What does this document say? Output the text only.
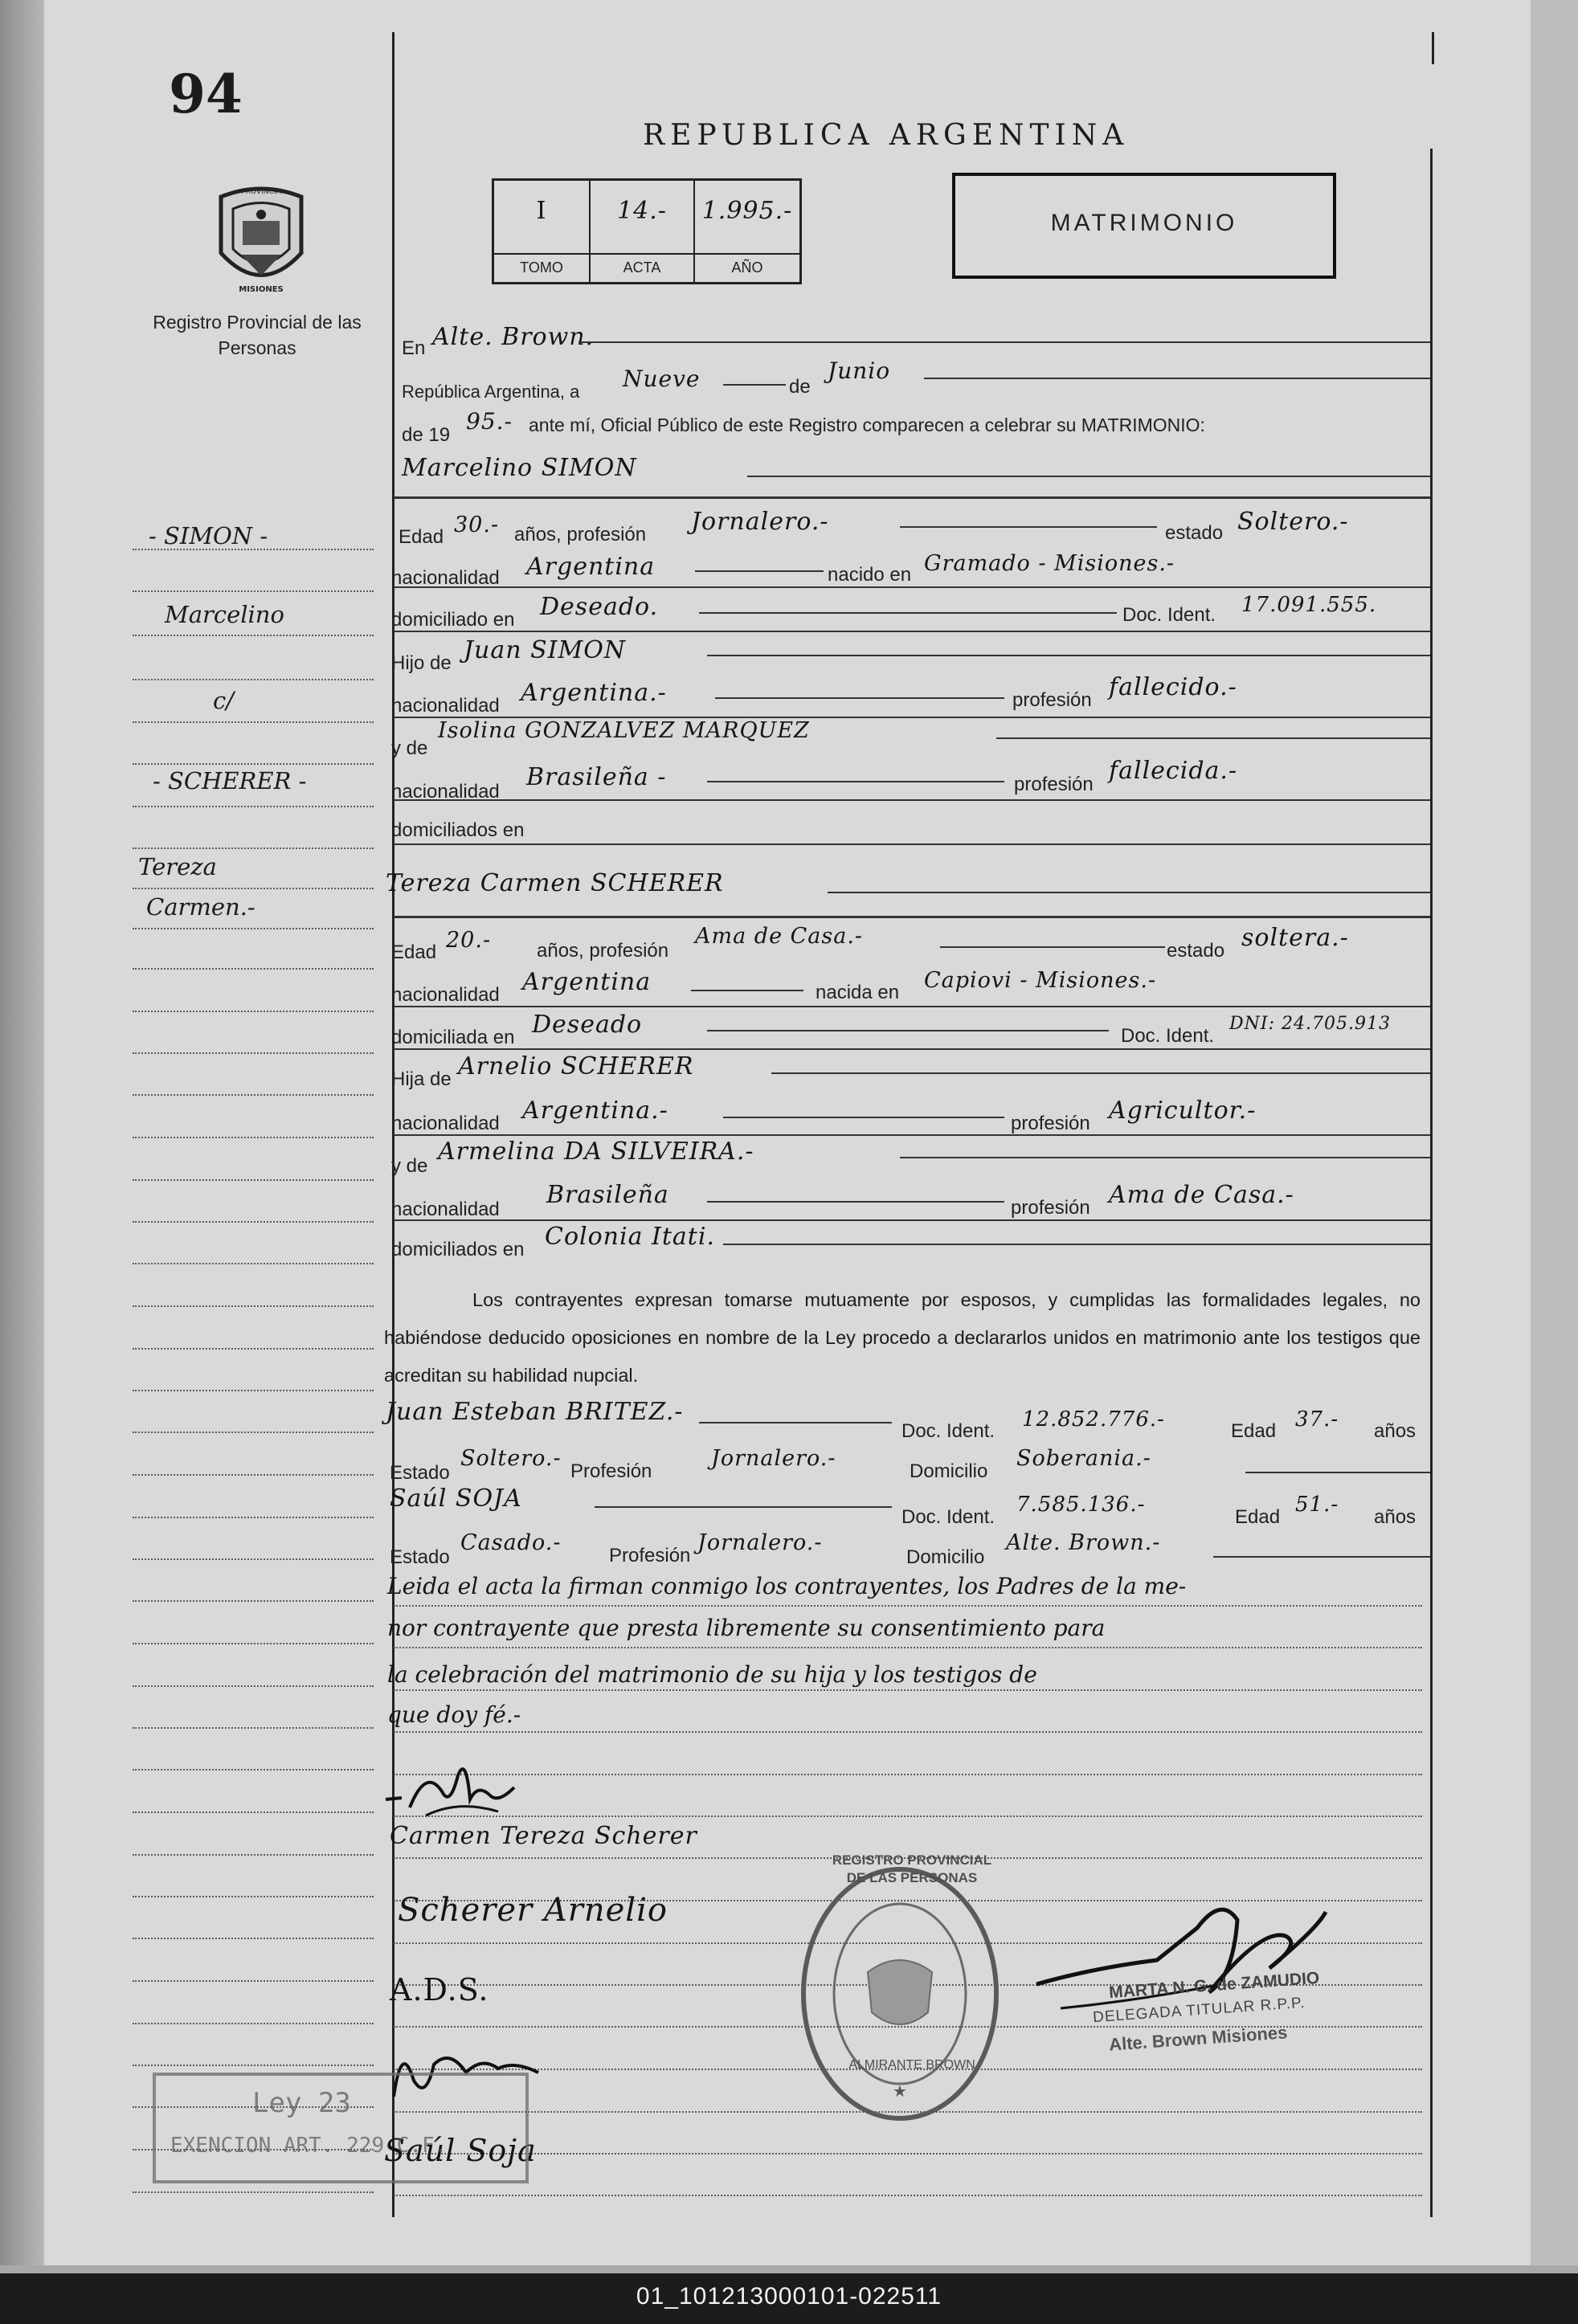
94
REPUBLICA ARGENTINA
PROVINCIA
MISIONES
Registro Provincial de las Personas
I
TOMO
14.-
ACTA
1.995.-
AÑO
MATRIMONIO
En Alte. Brown.
República Argentina, a Nueve	de
Junio
de 19
95.- ante mí, Oficial Público de este Registro comparecen a celebrar su MATRIMONIO:
Marcelino SIMON
- SIMON -
Marcelino
c/
- SCHERER -
Tereza
Carmen.-
Edad 30.- años, profesión Jornalero.-	estado Soltero.-
nacionalidad Argentina	nacido en Gramado - Misiones.-
domiciliado en Deseado.	Doc. Ident. 17.091.555.
Hijo de Juan SIMON
nacionalidad Argentina.-	profesión fallecido.-
y de
Isolina GONZALVEZ MARQUEZ
nacionalidad
Brasileña -	profesión fallecida.-
domiciliados en
Tereza Carmen SCHERER
Edad 20.- años, profesión
Ama de Casa.-
estado soltera.-
nacionalidad Argentina	nacida en Capiovi - Misiones.-
domiciliada en Deseado	Doc. Ident.
DNI: 24.705.913
Hija de Arnelio SCHERER
nacionalidad Argentina.-	profesión Agricultor.-
y de
Armelina DA SILVEIRA.-
nacionalidad
Brasileña	profesión Ama de Casa.-
domiciliados en Colonia Itati.
Los contrayentes expresan tomarse mutuamente por esposos, y cumplidas las formalidades legales, no habiéndose deducido oposiciones en nombre de la Ley procedo a declararlos unidos en matrimonio ante los testigos que acreditan su habilidad nupcial.
Juan Esteban BRITEZ.-
Doc. Ident. 12.852.776.-	Edad 37.- años
Estado
Soltero.-
Profesión
Jornalero.-
Domicilio
Soberania.-
Saúl SOJA
Doc. Ident.
7.585.136.-
Edad
51.-
años
Estado
Casado.-
Profesión
Jornalero.-
Domicilio
Alte. Brown.-
Leida el acta la firman conmigo los contrayentes, los Padres de la me-
nor contrayente que presta libremente su consentimiento para
la celebración del matrimonio de su hija y los testigos de
que doy fé.-
Carmen Tereza Scherer
Scherer Arnelio
A.D.S.
Saúl Soja
MARTA N. G. de ZAMUDIO
DELEGADA TITULAR R.P.P.
Alte. Brown Misiones
★
REGISTRO PROVINCIAL DE LAS PERSONAS
ALMIRANTE BROWN
Ley 23
EXENCION ART. 229 C.F.
01_101213000101-022511
